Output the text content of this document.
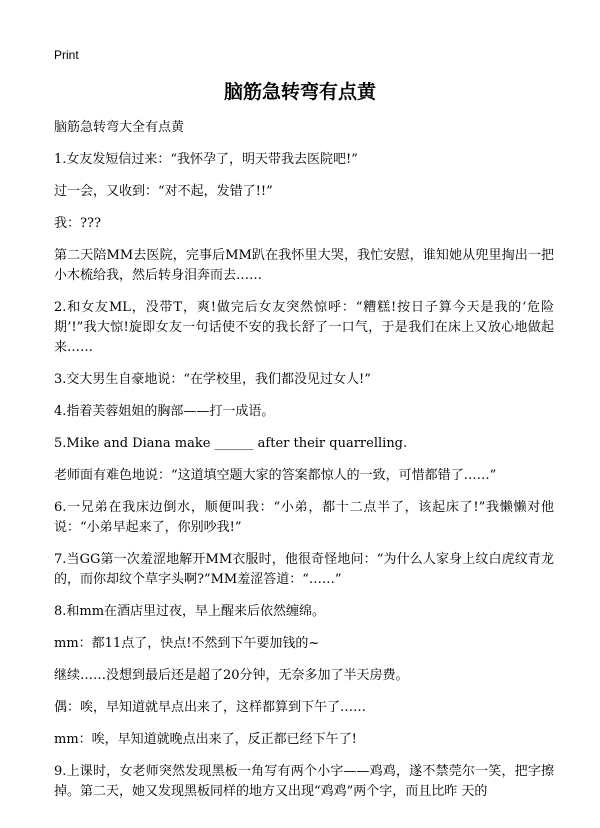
Print
脑筋急转弯有点黄

脑筋急转弯大全有点黄

1.女友发短信过来：“我怀孕了，明天带我去医院吧!”

过一会，又收到：“对不起，发错了!!”

我：???

第二天陪MM去医院，完事后MM趴在我怀里大哭，我忙安慰，谁知她从兜里掏出一把小木梳给我，然后转身泪奔而去……

2.和女友ML，没带T，爽!做完后女友突然惊呼：“糟糕!按日子算今天是我的‘危险期’!”我大惊!旋即女友一句话使不安的我长舒了一口气，于是我们在床上又放心地做起来……

3.交大男生自豪地说：“在学校里，我们都没见过女人!”

4.指着芙蓉姐姐的胸部——打一成语。

5.Mike and Diana make ______ after their quarrelling.

老师面有难色地说：“这道填空题大家的答案都惊人的一致，可惜都错了……”

6.一兄弟在我床边倒水，顺便叫我：“小弟，都十二点半了，该起床了!”我懒懒对他说：“小弟早起来了，你别吵我!”

7.当GG第一次羞涩地解开MM衣服时，他很奇怪地问：“为什么人家身上纹白虎纹青龙的，而你却纹个草字头啊?”MM羞涩答道：“……”

8.和mm在酒店里过夜，早上醒来后依然缠绵。

mm：都11点了，快点!不然到下午要加钱的~

继续……没想到最后还是超了20分钟，无奈多加了半天房费。

偶：唉，早知道就早点出来了，这样都算到下午了……

mm：唉，早知道就晚点出来了，反正都已经下午了!

9.上课时，女老师突然发现黑板一角写有两个小字——鸡鸡，遂不禁莞尔一笑，把字擦掉。第二天，她又发现黑板同样的地方又出现“鸡鸡”两个字，而且比昨 天的
